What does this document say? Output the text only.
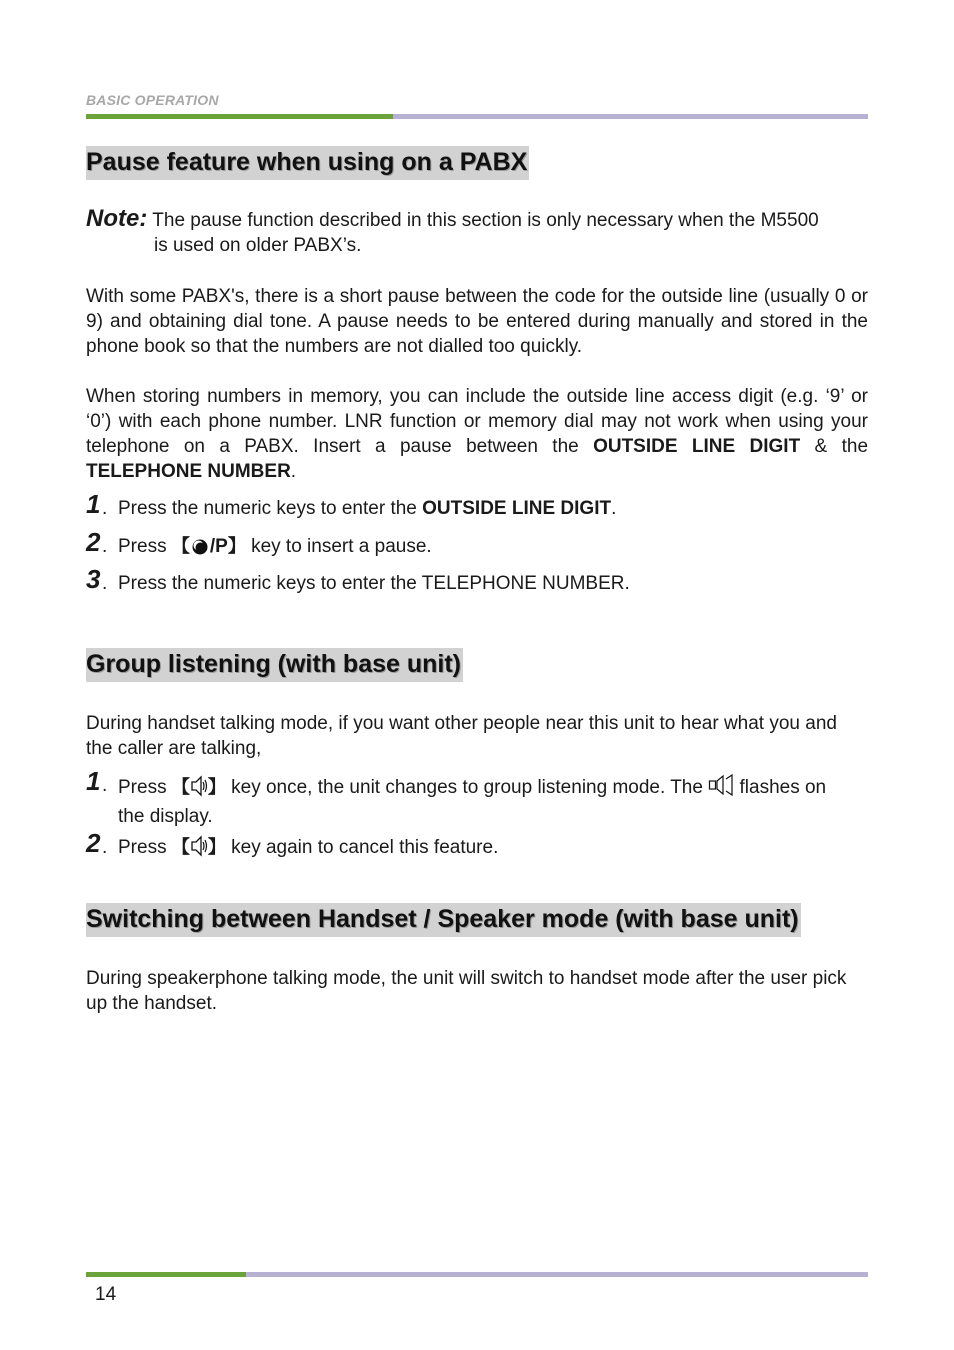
BASIC OPERATION
Pause feature when using on a PABX
Note: The pause function described in this section is only necessary when the M5500
is used on older PABX’s.
With some PABX's, there is a short pause between the code for the outside line (usually 0 or 9) and obtaining dial tone. A pause needs to be entered during manually and stored in the phone book so that the numbers are not dialled too quickly.
When storing numbers in memory, you can include the outside line access digit (e.g. ‘9’ or ‘0’) with each phone number. LNR function or memory dial may not work when using your telephone on a PABX. Insert a pause between the OUTSIDE LINE DIGIT & the TELEPHONE NUMBER.
1 . Press the numeric keys to enter the OUTSIDE LINE DIGIT.
2 . Press 【 /P】 key to insert a pause.
3 . Press the numeric keys to enter the TELEPHONE NUMBER.
Group listening (with base unit)
During handset talking mode, if you want other people near this unit to hear what you and the caller are talking,
1 . Press 【 】 key once, the unit changes to group listening mode. The  flashes on
the display.
2 . Press 【 】 key again to cancel this feature.
Switching between Handset / Speaker mode (with base unit)
During speakerphone talking mode, the unit will switch to handset mode after the user pick up the handset.
14
